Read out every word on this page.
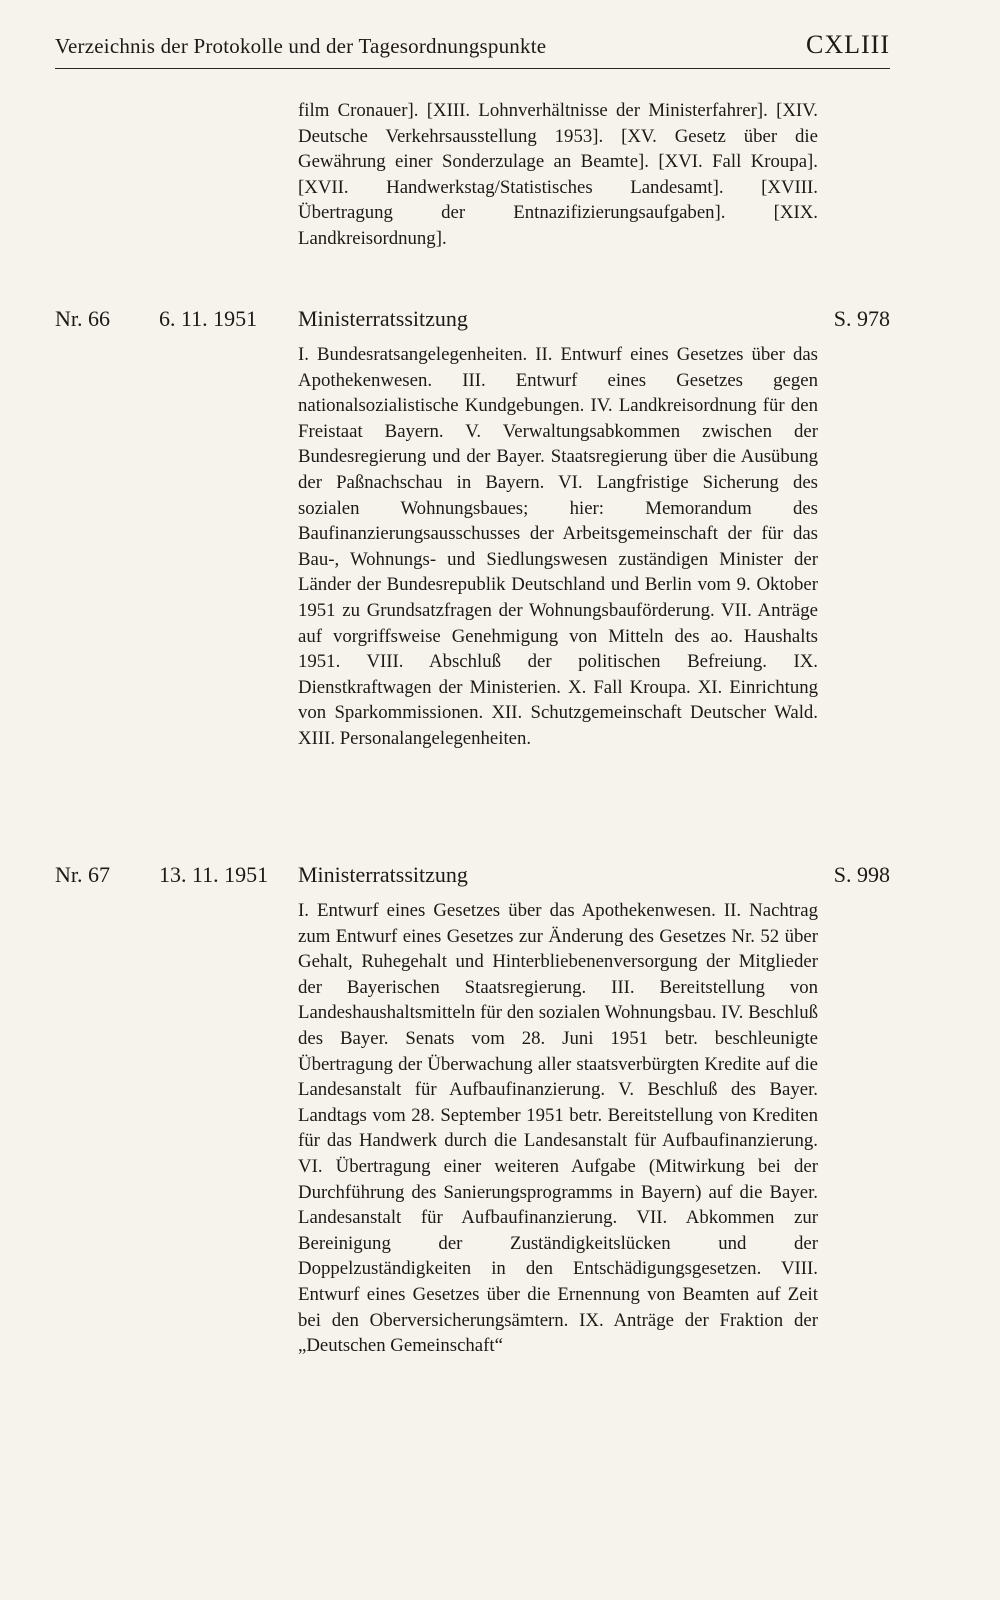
Verzeichnis der Protokolle und der Tagesordnungspunkte	CXLIII
film Cronauer]. [XIII. Lohnverhältnisse der Ministerfahrer]. [XIV. Deutsche Verkehrsausstellung 1953]. [XV. Gesetz über die Gewährung einer Sonderzulage an Beamte]. [XVI. Fall Kroupa]. [XVII. Handwerkstag/Statistisches Landesamt]. [XVIII. Übertragung der Entnazifizierungsaufgaben]. [XIX. Landkreisordnung].
Nr. 66 6. 11. 1951 Ministerratssitzung	S. 978
I. Bundesratsangelegenheiten. II. Entwurf eines Gesetzes über das Apothekenwesen. III. Entwurf eines Gesetzes gegen nationalsozialistische Kundgebungen. IV. Landkreisordnung für den Freistaat Bayern. V. Verwaltungsabkommen zwischen der Bundesregierung und der Bayer. Staatsregierung über die Ausübung der Paßnachschau in Bayern. VI. Langfristige Sicherung des sozialen Wohnungsbaues; hier: Memorandum des Baufinanzierungsausschusses der Arbeitsgemeinschaft der für das Bau-, Wohnungs- und Siedlungswesen zuständigen Minister der Länder der Bundesrepublik Deutschland und Berlin vom 9. Oktober 1951 zu Grundsatzfragen der Wohnungsbauförderung. VII. Anträge auf vorgriffsweise Genehmigung von Mitteln des ao. Haushalts 1951. VIII. Abschluß der politischen Befreiung. IX. Dienstkraftwagen der Ministerien. X. Fall Kroupa. XI. Einrichtung von Sparkommissionen. XII. Schutzgemeinschaft Deutscher Wald. XIII. Personalangelegenheiten.
Nr. 67 13. 11. 1951 Ministerratssitzung	S. 998
I. Entwurf eines Gesetzes über das Apothekenwesen. II. Nachtrag zum Entwurf eines Gesetzes zur Änderung des Gesetzes Nr. 52 über Gehalt, Ruhegehalt und Hinterbliebenenversorgung der Mitglieder der Bayerischen Staatsregierung. III. Bereitstellung von Landeshaushaltsmitteln für den sozialen Wohnungsbau. IV. Beschluß des Bayer. Senats vom 28. Juni 1951 betr. beschleunigte Übertragung der Überwachung aller staatsverbürgten Kredite auf die Landesanstalt für Aufbaufinanzierung. V. Beschluß des Bayer. Landtags vom 28. September 1951 betr. Bereitstellung von Krediten für das Handwerk durch die Landesanstalt für Aufbaufinanzierung. VI. Übertragung einer weiteren Aufgabe (Mitwirkung bei der Durchführung des Sanierungsprogramms in Bayern) auf die Bayer. Landesanstalt für Aufbaufinanzierung. VII. Abkommen zur Bereinigung der Zuständigkeitslücken und der Doppelzuständigkeiten in den Entschädigungsgesetzen. VIII. Entwurf eines Gesetzes über die Ernennung von Beamten auf Zeit bei den Oberversicherungsämtern. IX. Anträge der Fraktion der „Deutschen Gemeinschaft“
